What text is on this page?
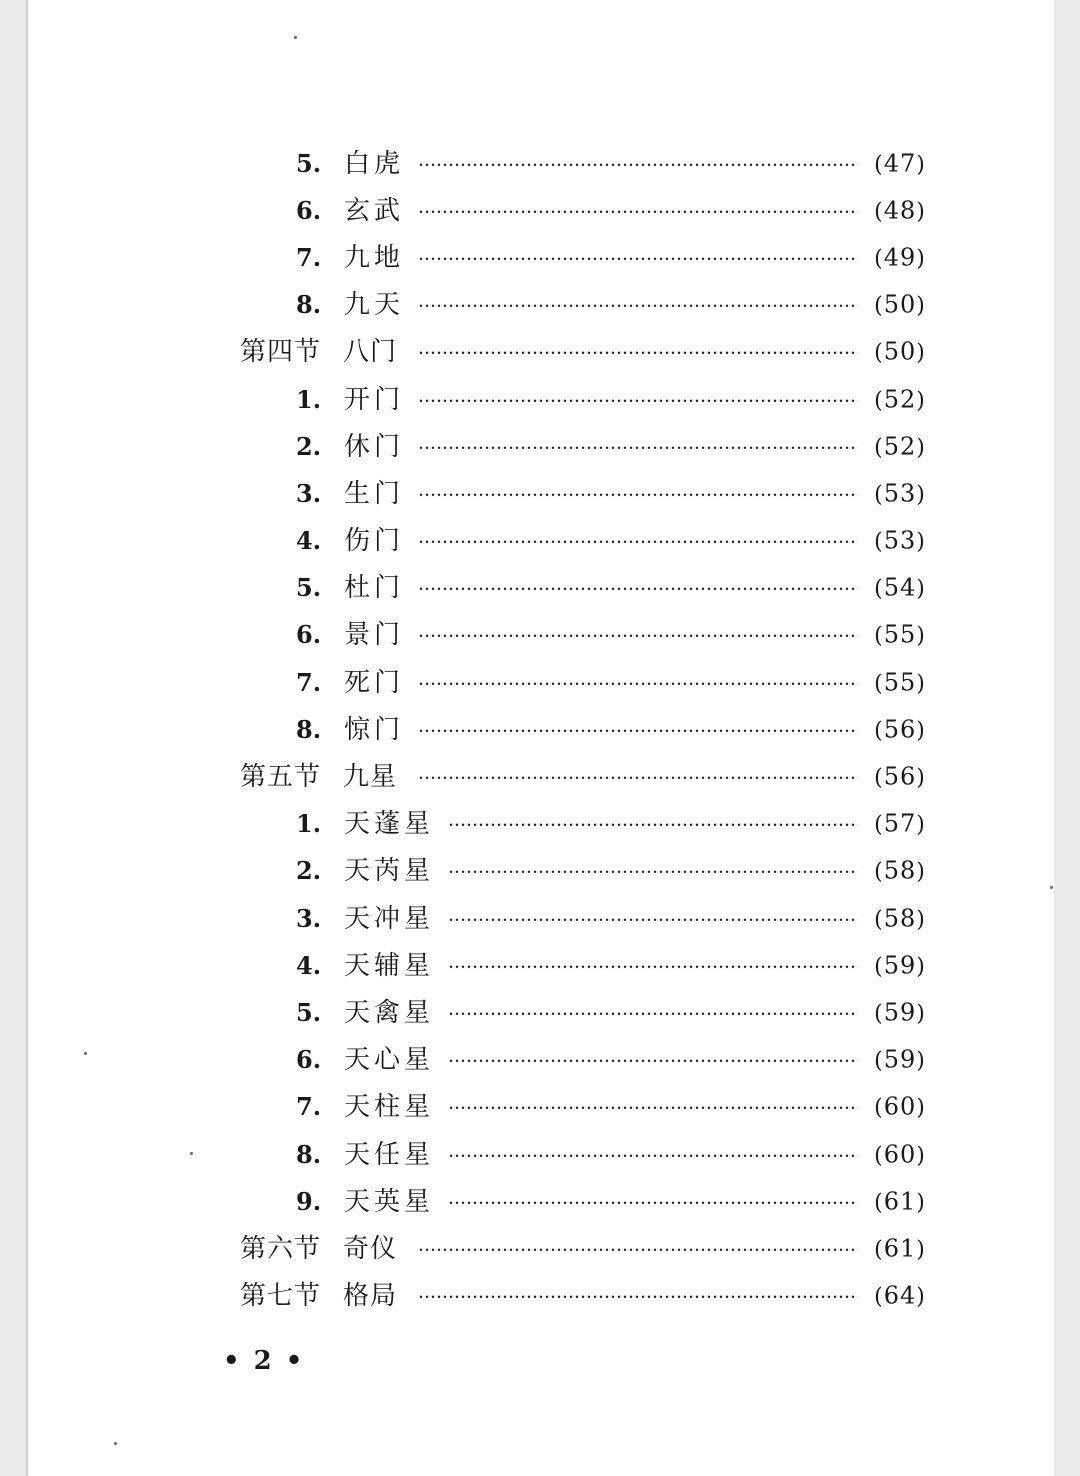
5. 白虎	(47)
6. 玄武	(48)
7. 九地	(49)
8. 九天	(50)
第四节 八门	(50)
1. 开门	(52)
2. 休门	(52)
3. 生门	(53)
4. 伤门	(53)
5. 杜门	(54)
6. 景门	(55)
7. 死门	(55)
8. 惊门	(56)
第五节 九星	(56)
1. 天蓬星	(57)
2. 天芮星	(58)
3. 天冲星	(58)
4. 天辅星	(59)
5. 天禽星	(59)
6. 天心星	(59)
7. 天柱星	(60)
8. 天任星	(60)
9. 天英星	(61)
第六节 奇仪	(61)
第七节 格局	(64)
•2•
